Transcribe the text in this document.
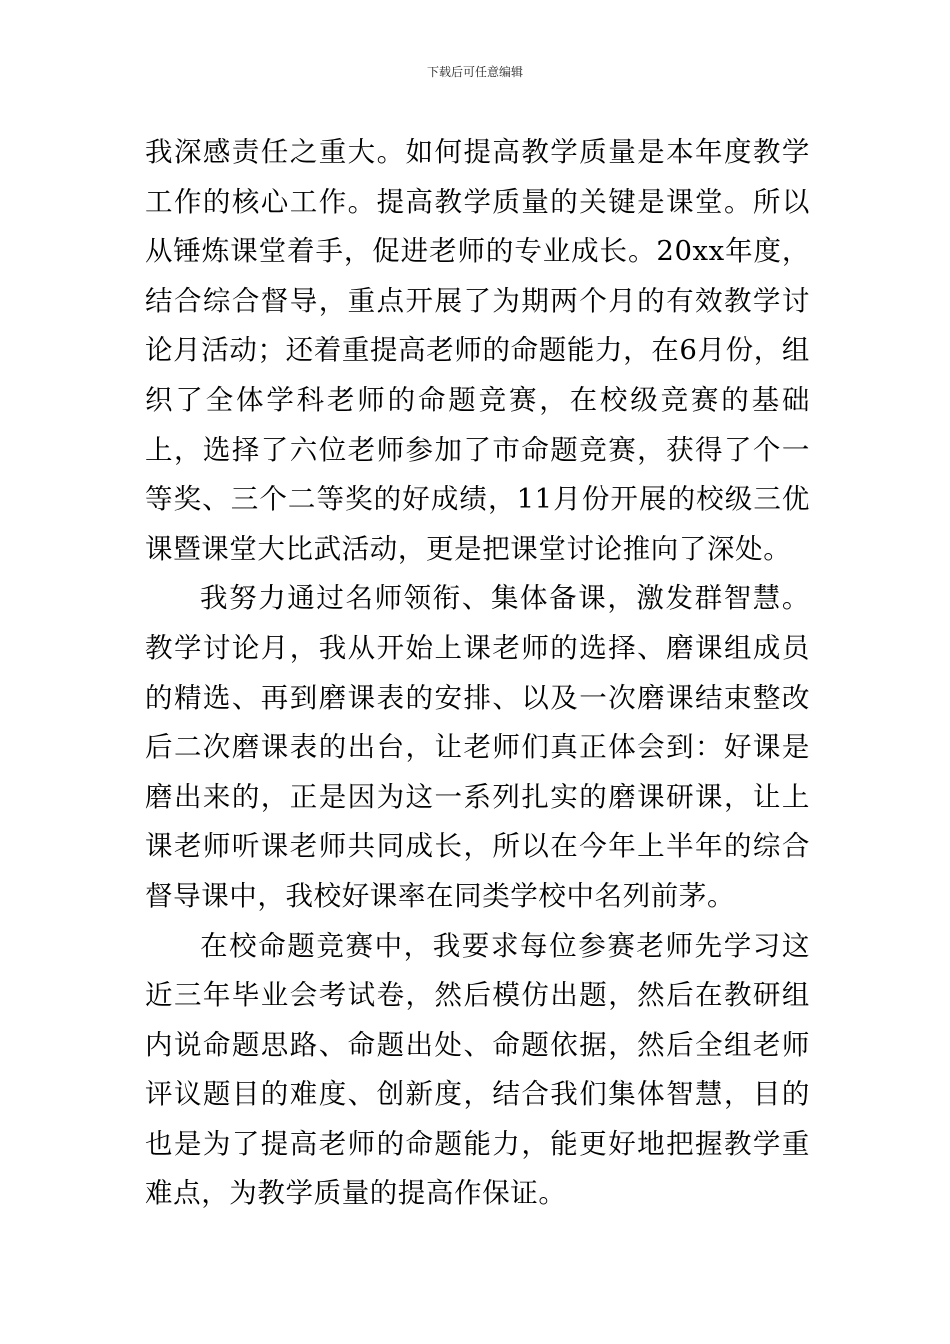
下载后可任意编辑

我深感责任之重大。如何提高教学质量是本年度教学工作的核心工作。提高教学质量的关键是课堂。所以从锤炼课堂着手，促进老师的专业成长。20xx年度，结合综合督导，重点开展了为期两个月的有效教学讨论月活动；还着重提高老师的命题能力，在6月份，组织了全体学科老师的命题竞赛，在校级竞赛的基础上，选择了六位老师参加了市命题竞赛，获得了个一等奖、三个二等奖的好成绩，11月份开展的校级三优课暨课堂大比武活动，更是把课堂讨论推向了深处。

我努力通过名师领衔、集体备课，激发群智慧。教学讨论月，我从开始上课老师的选择、磨课组成员的精选、再到磨课表的安排、以及一次磨课结束整改后二次磨课表的出台，让老师们真正体会到：好课是磨出来的，正是因为这一系列扎实的磨课研课，让上课老师听课老师共同成长，所以在今年上半年的综合督导课中，我校好课率在同类学校中名列前茅。

在校命题竞赛中，我要求每位参赛老师先学习这近三年毕业会考试卷，然后模仿出题，然后在教研组内说命题思路、命题出处、命题依据，然后全组老师评议题目的难度、创新度，结合我们集体智慧，目的也是为了提高老师的命题能力，能更好地把握教学重难点，为教学质量的提高作保证。
